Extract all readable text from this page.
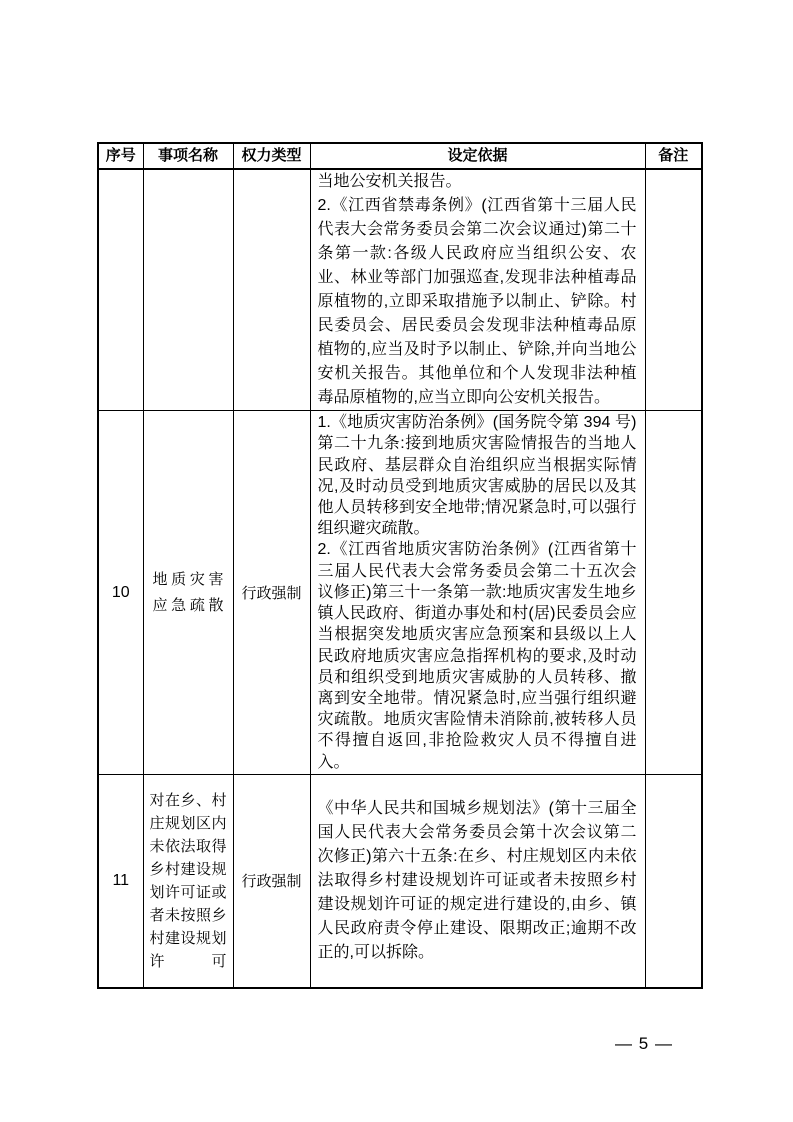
序号	事项名称	权力类型	设定依据	备注

			当地公安机关报告。

2.《江西省禁毒条例》(江西省第十三届人民代表大会常务委员会第二次会议通过)第二十条第一款:各级人民政府应当组织公安、农业、林业等部门加强巡查,发现非法种植毒品原植物的,立即采取措施予以制止、铲除。村民委员会、居民委员会发现非法种植毒品原植物的,应当及时予以制止、铲除,并向当地公安机关报告。其他单位和个人发现非法种植毒品原植物的,应当立即向公安机关报告。	

10	地质灾害应急疏散	行政强制	1.《地质灾害防治条例》(国务院令第 394 号)第二十九条:接到地质灾害险情报告的当地人民政府、基层群众自治组织应当根据实际情况,及时动员受到地质灾害威胁的居民以及其他人员转移到安全地带;情况紧急时,可以强行组织避灾疏散。

2.《江西省地质灾害防治条例》(江西省第十三届人民代表大会常务委员会第二十五次会议修正)第三十一条第一款:地质灾害发生地乡镇人民政府、街道办事处和村(居)民委员会应当根据突发地质灾害应急预案和县级以上人民政府地质灾害应急指挥机构的要求,及时动员和组织受到地质灾害威胁的人员转移、撤离到安全地带。情况紧急时,应当强行组织避灾疏散。地质灾害险情未消除前,被转移人员不得擅自返回,非抢险救灾人员不得擅自进入。	

11	对在乡、村庄规划区内未依法取得乡村建设规划许可证或者未按照乡村建设规划许可	行政强制	《中华人民共和国城乡规划法》(第十三届全国人民代表大会常务委员会第十次会议第二次修正)第六十五条:在乡、村庄规划区内未依法取得乡村建设规划许可证或者未按照乡村建设规划许可证的规定进行建设的,由乡、镇人民政府责令停止建设、限期改正;逾期不改正的,可以拆除。	

— 5 —
